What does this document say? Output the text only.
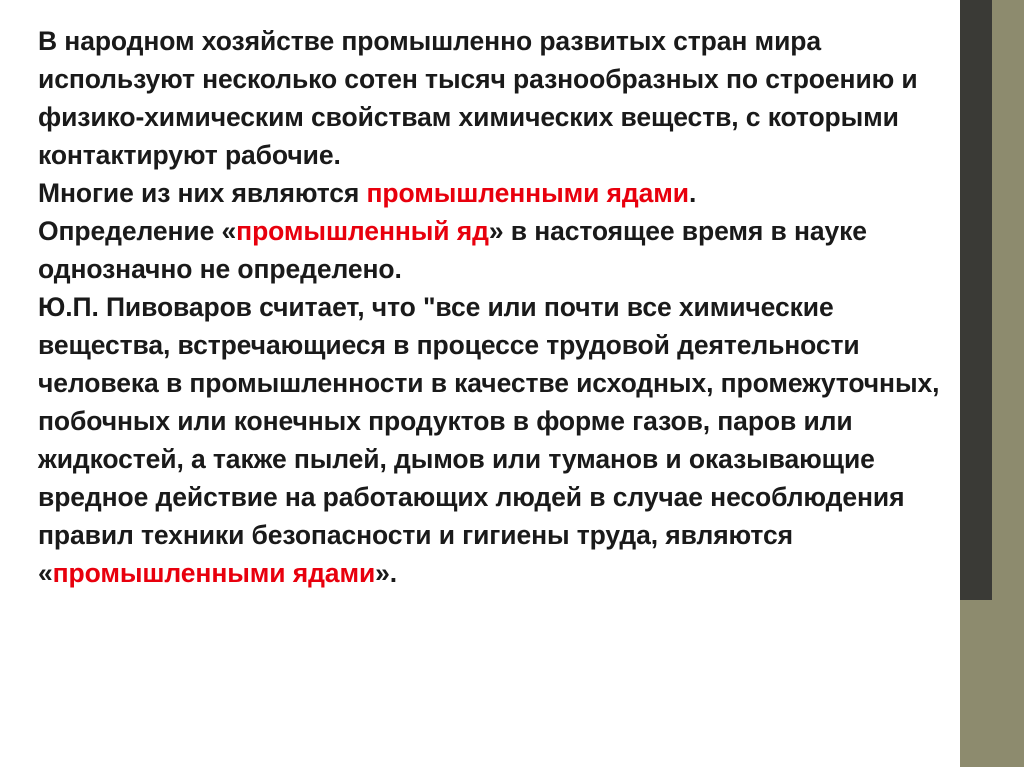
В народном хозяйстве промышленно развитых стран мира используют несколько сотен тысяч разнообразных по строению и физико-химическим свойствам химических веществ, с которыми контактируют рабочие.

Многие из них являются промышленными ядами.

Определение «промышленный яд» в настоящее время в науке однозначно не определено.

Ю.П. Пивоваров считает, что "все или почти все химические вещества, встречающиеся в процессе трудовой деятельности человека в промышленности в качестве исходных, промежуточных, побочных или конечных продуктов в форме газов, паров или жидкостей, а также пылей, дымов или туманов и оказывающие вредное действие на работающих людей в случае несоблюдения правил техники безопасности и гигиены труда, являются «промышленными ядами».
